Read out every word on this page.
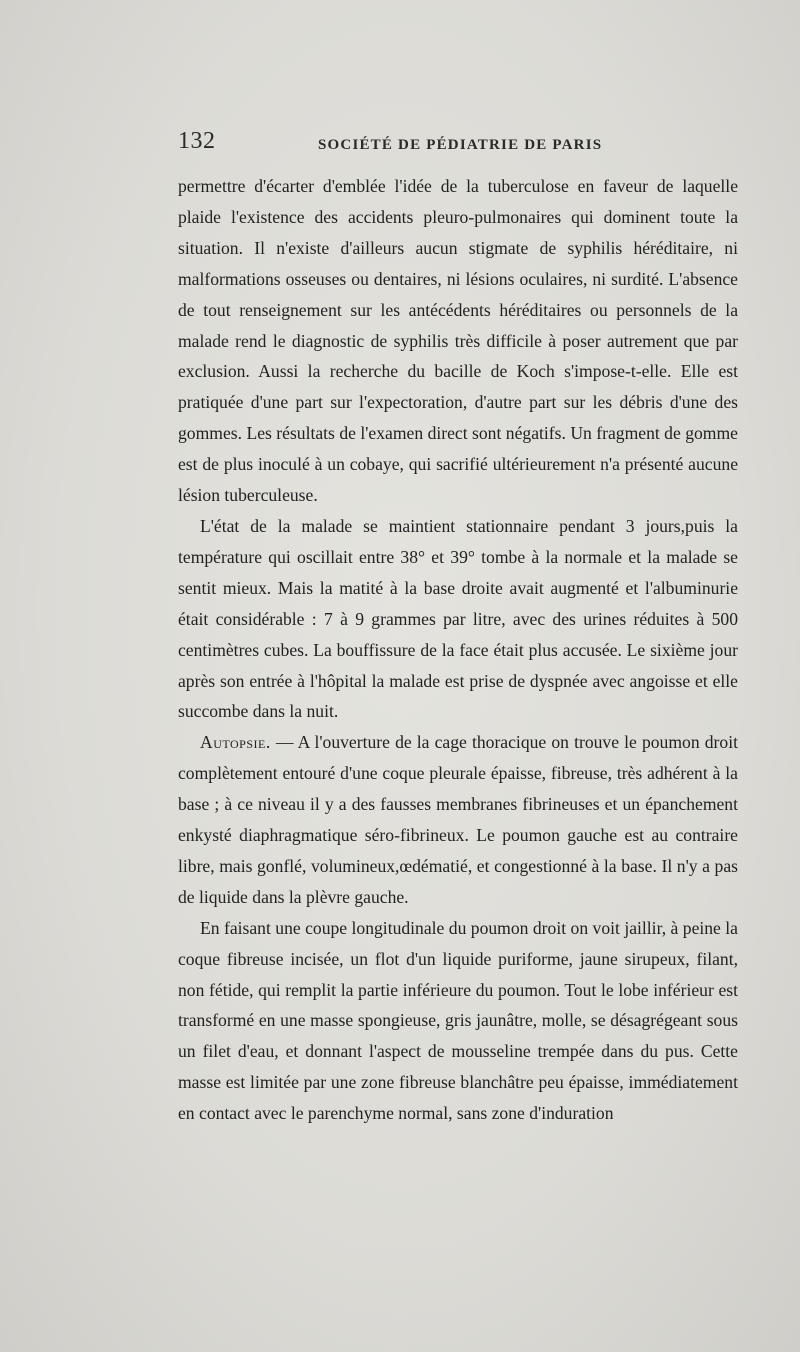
132	SOCIÉTÉ DE PÉDIATRIE DE PARIS

permettre d'écarter d'emblée l'idée de la tuberculose en faveur de laquelle plaide l'existence des accidents pleuro-pulmonaires qui dominent toute la situation. Il n'existe d'ailleurs aucun stigmate de syphilis héréditaire, ni malformations osseuses ou dentaires, ni lésions oculaires, ni surdité. L'absence de tout renseignement sur les antécédents héréditaires ou personnels de la malade rend le diagnostic de syphilis très difficile à poser autrement que par exclusion. Aussi la recherche du bacille de Koch s'impose-t-elle. Elle est pratiquée d'une part sur l'expectoration, d'autre part sur les débris d'une des gommes. Les résultats de l'examen direct sont négatifs. Un fragment de gomme est de plus inoculé à un cobaye, qui sacrifié ultérieurement n'a présenté aucune lésion tuberculeuse.

L'état de la malade se maintient stationnaire pendant 3 jours,puis la température qui oscillait entre 38° et 39° tombe à la normale et la malade se sentit mieux. Mais la matité à la base droite avait augmenté et l'albuminurie était considérable : 7 à 9 grammes par litre, avec des urines réduites à 500 centimètres cubes. La bouffissure de la face était plus accusée. Le sixième jour après son entrée à l'hôpital la malade est prise de dyspnée avec angoisse et elle succombe dans la nuit.

Autopsie. — A l'ouverture de la cage thoracique on trouve le poumon droit complètement entouré d'une coque pleurale épaisse, fibreuse, très adhérent à la base ; à ce niveau il y a des fausses membranes fibrineuses et un épanchement enkysté diaphragmatique séro-fibrineux. Le poumon gauche est au contraire libre, mais gonflé, volumineux,œdématié, et congestionné à la base. Il n'y a pas de liquide dans la plèvre gauche.

En faisant une coupe longitudinale du poumon droit on voit jaillir, à peine la coque fibreuse incisée, un flot d'un liquide puriforme, jaune sirupeux, filant, non fétide, qui remplit la partie inférieure du poumon. Tout le lobe inférieur est transformé en une masse spongieuse, gris jaunâtre, molle, se désagrégeant sous un filet d'eau, et donnant l'aspect de mousseline trempée dans du pus. Cette masse est limitée par une zone fibreuse blanchâtre peu épaisse, immédiatement en contact avec le parenchyme normal, sans zone d'induration
